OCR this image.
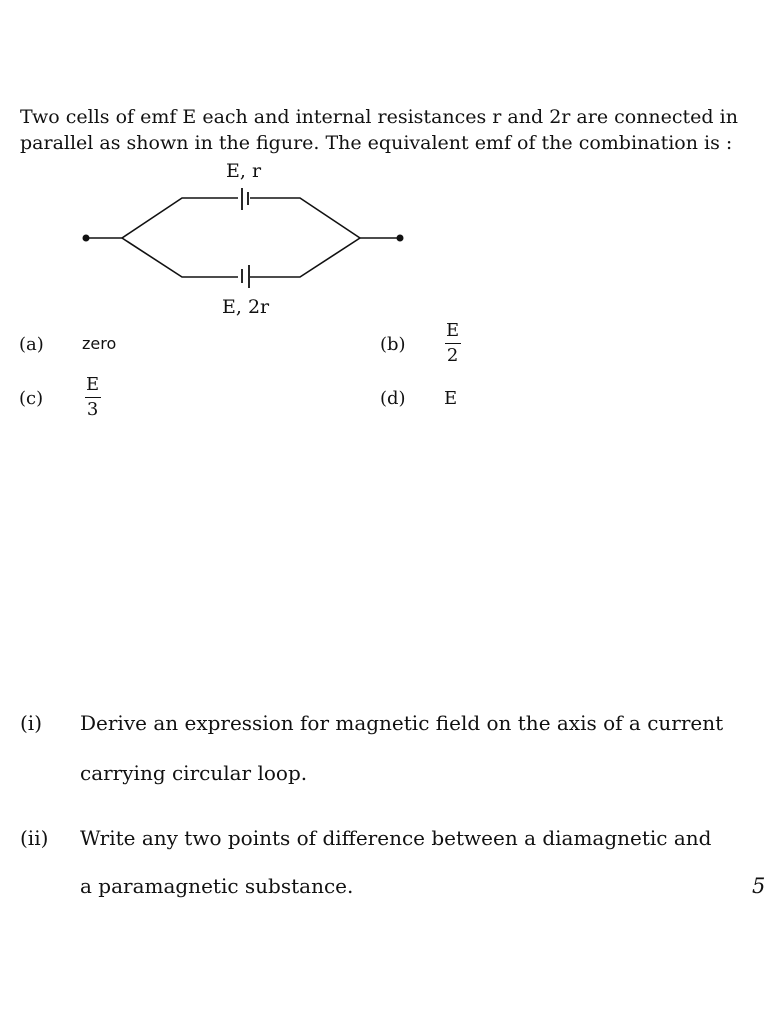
Two cells of emf E each and internal resistances r and 2r are connected in
parallel as shown in the figure. The equivalent emf of the combination is :

E, r
E, 2r
(a) zero	(b)
E
2
(c)
E
3
(d) E
(i) Derive an expression for magnetic field on the axis of a current
carrying circular loop.
(ii) Write any two points of difference between a diamagnetic and
a paramagnetic substance.	5
